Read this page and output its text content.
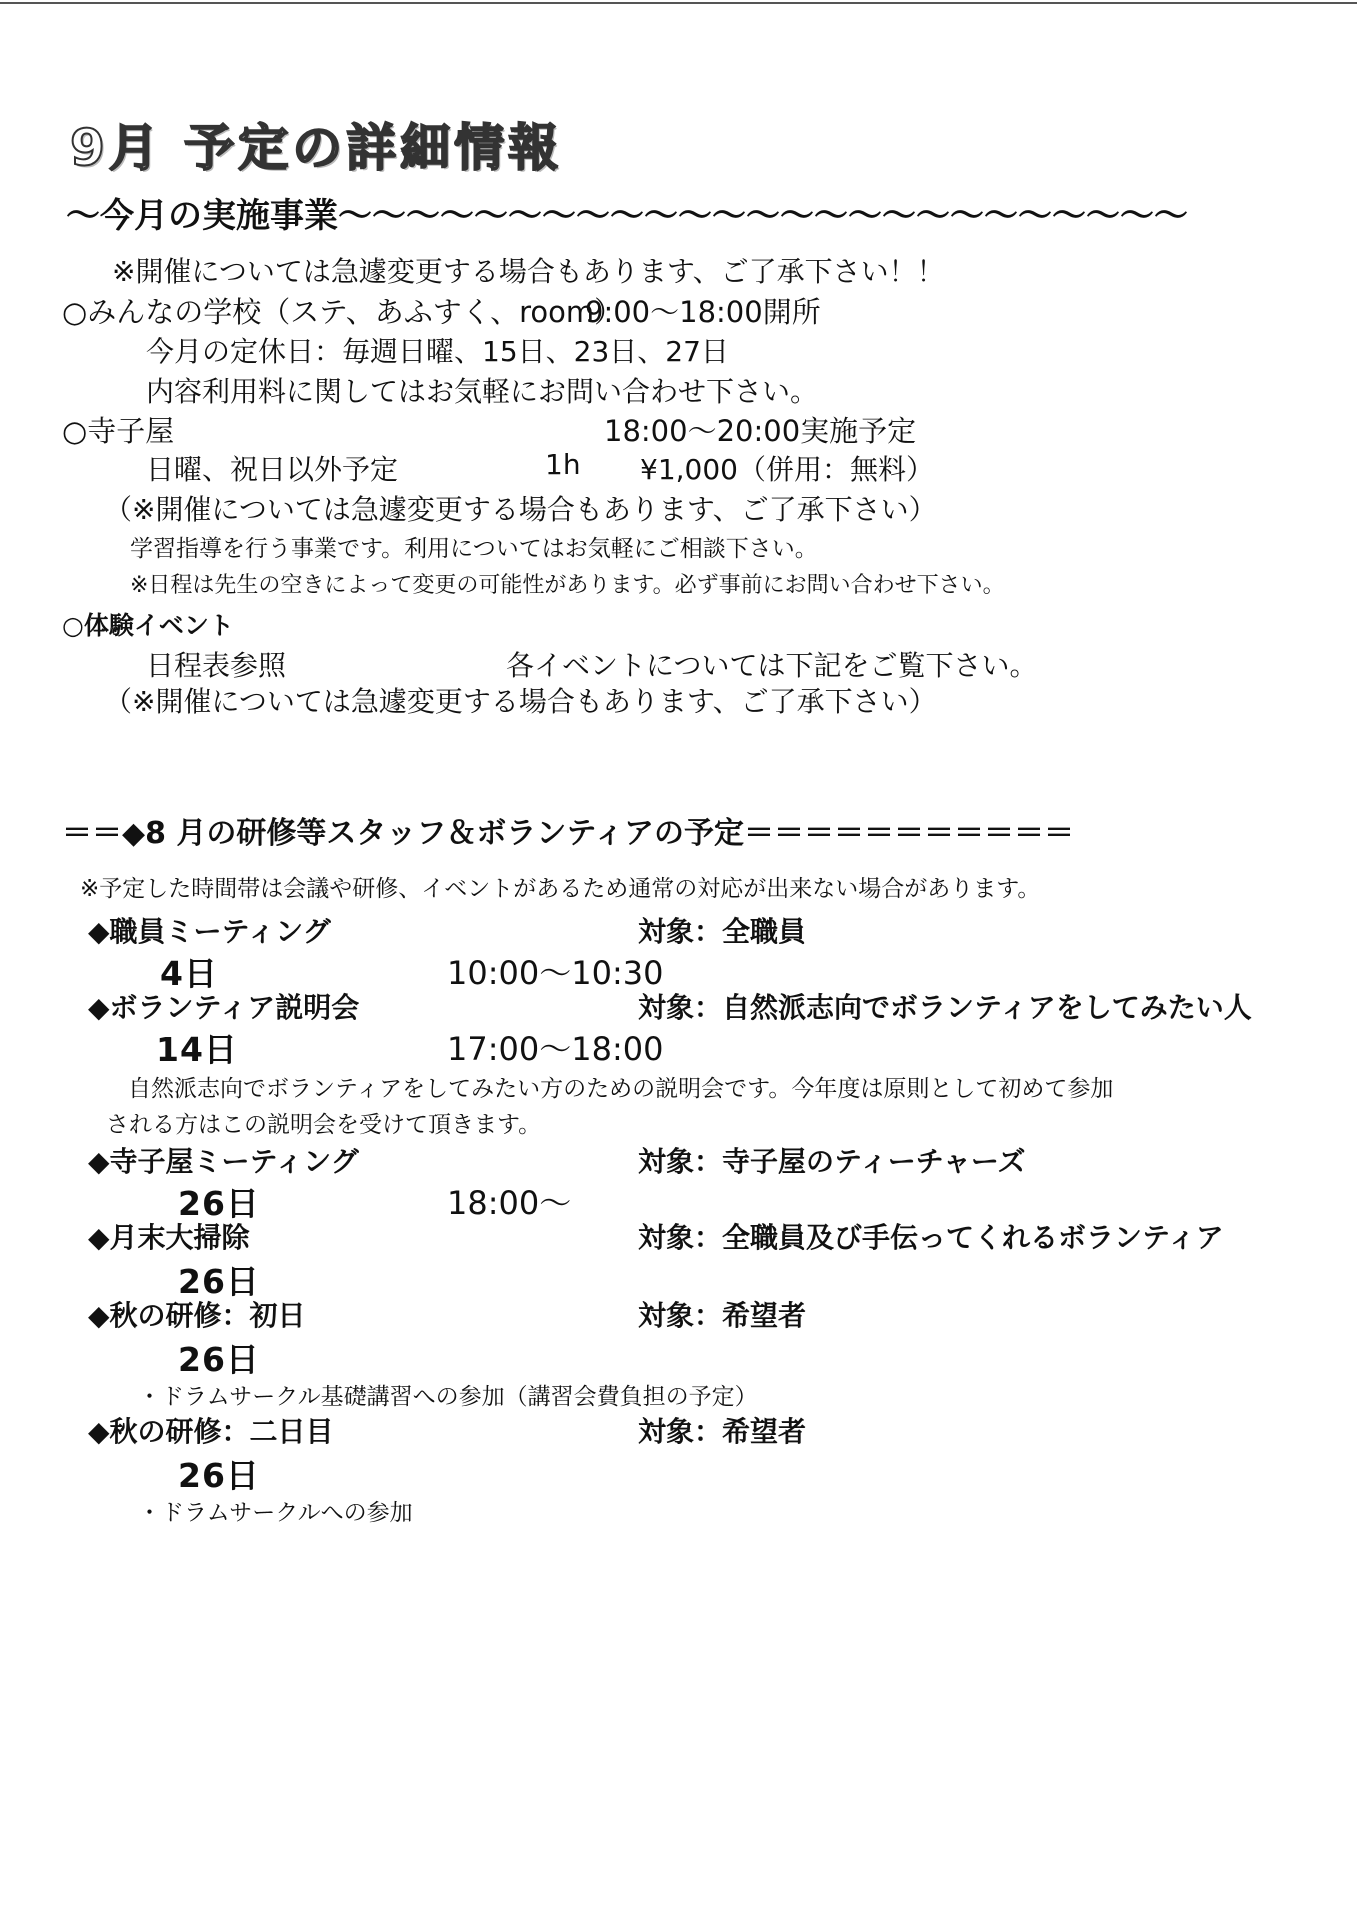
9月 予定の詳細情報
〜今月の実施事業〜〜〜〜〜〜〜〜〜〜〜〜〜〜〜〜〜〜〜〜〜〜〜〜〜
※開催については急遽変更する場合もあります、ご了承下さい！！
○みんなの学校（ステ、あふすく、room）
9:00〜18:00開所
今月の定休日：毎週日曜、15日、23日、27日
内容利用料に関してはお気軽にお問い合わせ下さい。
○寺子屋	18:00〜20:00実施予定
日曜、祝日以外予定	1h ¥1,000（併用：無料）
（※開催については急遽変更する場合もあります、ご了承下さい）
学習指導を行う事業です。利用についてはお気軽にご相談下さい。
※日程は先生の空きによって変更の可能性があります。必ず事前にお問い合わせ下さい。
○体験イベント
日程表参照	各イベントについては下記をご覧下さい。
（※開催については急遽変更する場合もあります、ご了承下さい）
＝＝◆8 月の研修等スタッフ＆ボランティアの予定＝＝＝＝＝＝＝＝＝＝＝
※予定した時間帯は会議や研修、イベントがあるため通常の対応が出来ない場合があります。
◆職員ミーティング	対象：全職員
4日	10:00〜10:30
◆ボランティア説明会	対象：自然派志向でボランティアをしてみたい人
14日	17:00〜18:00
自然派志向でボランティアをしてみたい方のための説明会です。今年度は原則として初めて参加
される方はこの説明会を受けて頂きます。
◆寺子屋ミーティング	対象：寺子屋のティーチャーズ
26日	18:00〜
◆月末大掃除	対象：全職員及び手伝ってくれるボランティア
26日
◆秋の研修：初日	対象：希望者
26日
・ドラムサークル基礎講習への参加（講習会費負担の予定）
◆秋の研修：二日目	対象：希望者
26日
・ドラムサークルへの参加
